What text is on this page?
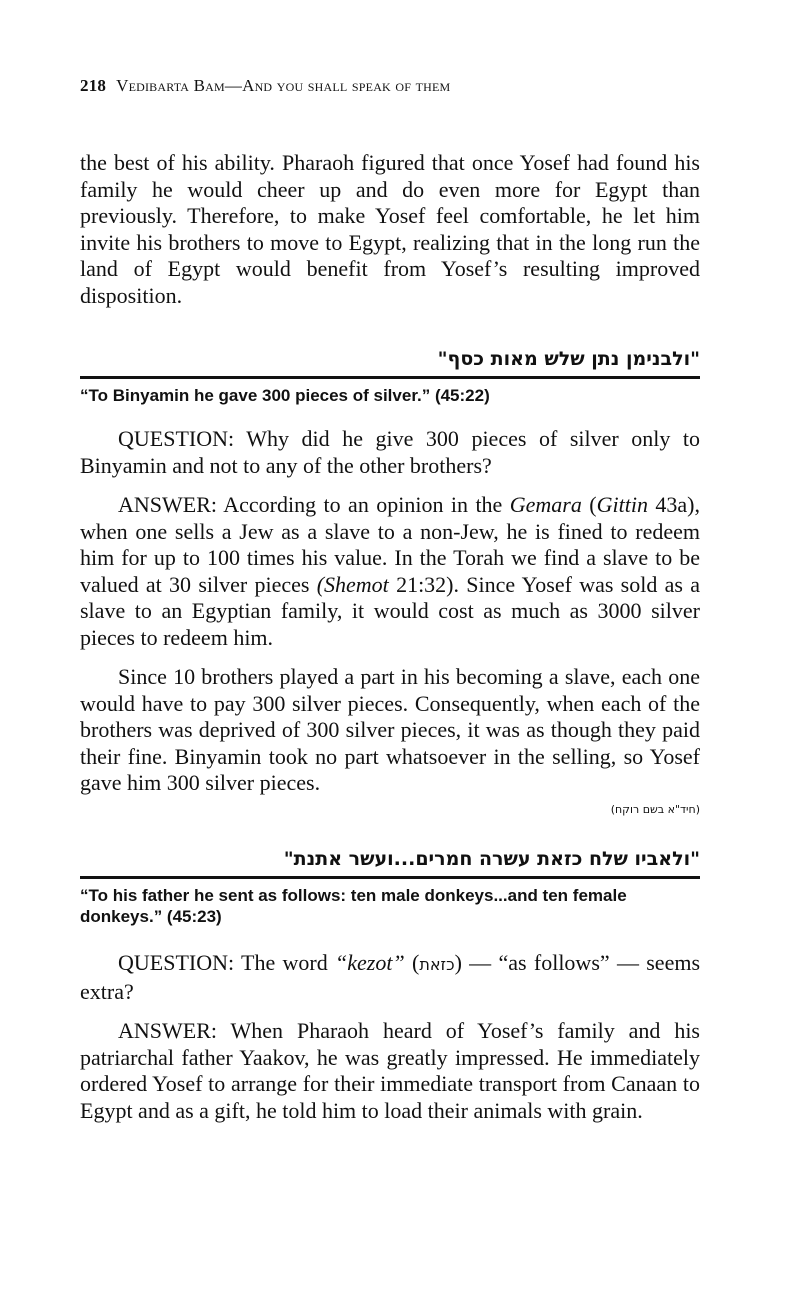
218 Vedibarta Bam—And you shall speak of them

the best of his ability. Pharaoh figured that once Yosef had found his family he would cheer up and do even more for Egypt than previously. Therefore, to make Yosef feel comfortable, he let him invite his brothers to move to Egypt, realizing that in the long run the land of Egypt would benefit from Yosef’s resulting improved disposition.

"ולבנימן נתן שלש מאות כסף"
“To Binyamin he gave 300 pieces of silver.” (45:22)

QUESTION: Why did he give 300 pieces of silver only to Binyamin and not to any of the other brothers?

ANSWER: According to an opinion in the Gemara (Gittin 43a), when one sells a Jew as a slave to a non-Jew, he is fined to redeem him for up to 100 times his value. In the Torah we find a slave to be valued at 30 silver pieces (Shemot 21:32). Since Yosef was sold as a slave to an Egyptian family, it would cost as much as 3000 silver pieces to redeem him.

Since 10 brothers played a part in his becoming a slave, each one would have to pay 300 silver pieces. Consequently, when each of the brothers was deprived of 300 silver pieces, it was as though they paid their fine. Binyamin took no part whatsoever in the selling, so Yosef gave him 300 silver pieces.

(חיד"א בשם רוקח)
"ולאביו שלח כזאת עשרה חמרים...ועשר אתנת"
“To his father he sent as follows: ten male donkeys...and ten female donkeys.” (45:23)

QUESTION: The word “kezot” (כזאת) — “as follows” — seems extra?

ANSWER: When Pharaoh heard of Yosef’s family and his patriarchal father Yaakov, he was greatly impressed. He immediately ordered Yosef to arrange for their immediate transport from Canaan to Egypt and as a gift, he told him to load their animals with grain.
